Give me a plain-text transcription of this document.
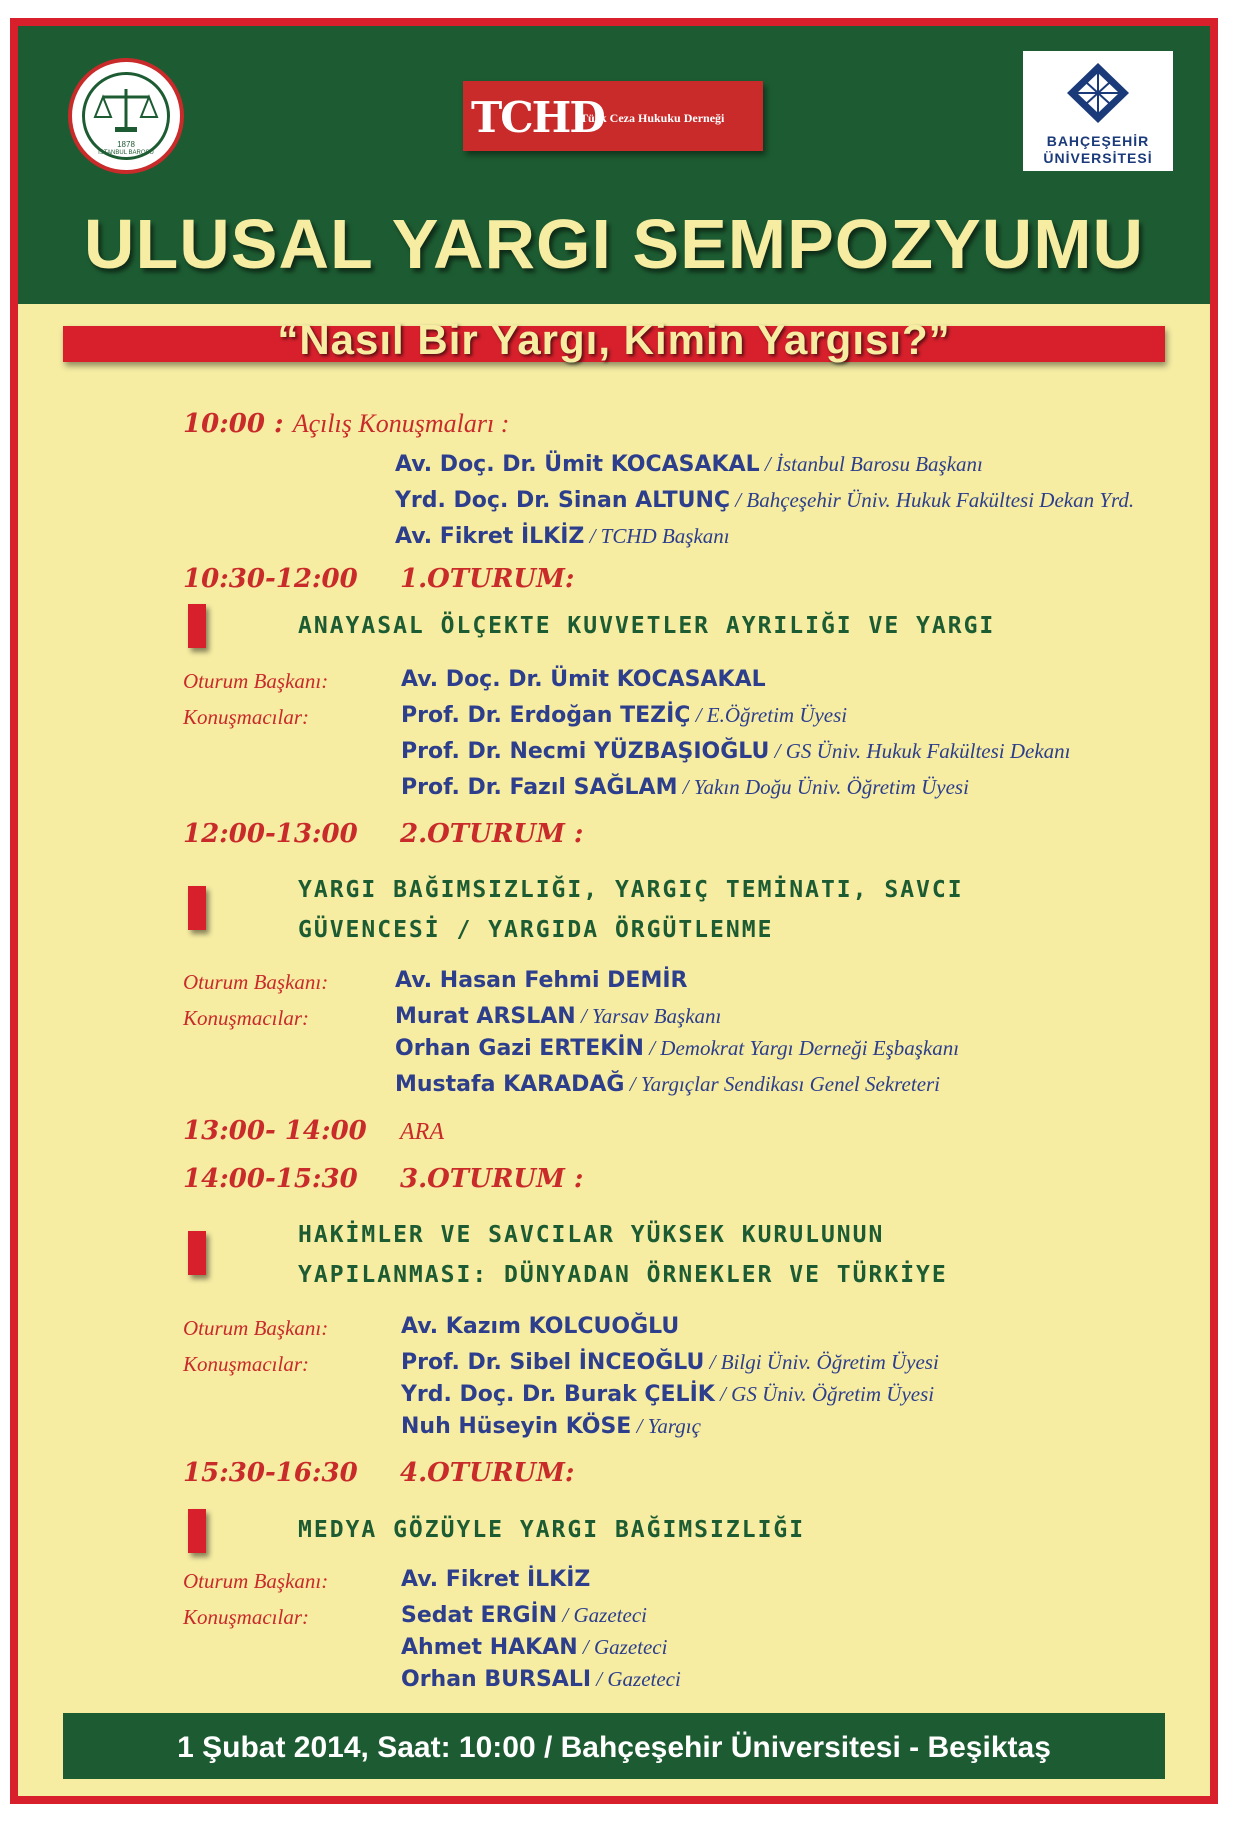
1878
İSTANBUL BAROSU
TCHD
Türk Ceza Hukuku Derneği
BAHÇEŞEHİR
ÜNİVERSİTESİ
ULUSAL YARGI SEMPOZYUMU
“Nasıl Bir Yargı, Kimin Yargısı?”
10:00 : Açılış Konuşmaları :
Av. Doç. Dr. Ümit KOCASAKAL / İstanbul Barosu Başkanı
Yrd. Doç. Dr. Sinan ALTUNÇ / Bahçeşehir Üniv. Hukuk Fakültesi Dekan Yrd.
Av. Fikret İLKİZ / TCHD Başkanı
10:30-12:00 1.OTURUM:
ANAYASAL ÖLÇEKTE KUVVETLER AYRILIĞI VE YARGI
Oturum Başkanı:	Av. Doç. Dr. Ümit KOCASAKAL
Konuşmacılar:	Prof. Dr. Erdoğan TEZİÇ / E.Öğretim Üyesi
Prof. Dr. Necmi YÜZBAŞIOĞLU / GS Üniv. Hukuk Fakültesi Dekanı
Prof. Dr. Fazıl SAĞLAM / Yakın Doğu Üniv. Öğretim Üyesi
12:00-13:00 2.OTURUM :
YARGI BAĞIMSIZLIĞI, YARGIÇ TEMİNATI, SAVCI
GÜVENCESİ / YARGIDA ÖRGÜTLENME
Oturum Başkanı:	Av. Hasan Fehmi DEMİR
Konuşmacılar:	Murat ARSLAN / Yarsav Başkanı
Orhan Gazi ERTEKİN / Demokrat Yargı Derneği Eşbaşkanı
Mustafa KARADAĞ / Yargıçlar Sendikası Genel Sekreteri
13:00- 14:00 ARA
14:00-15:30 3.OTURUM :
HAKİMLER VE SAVCILAR YÜKSEK KURULUNUN
YAPILANMASI: DÜNYADAN ÖRNEKLER VE TÜRKİYE
Oturum Başkanı:	Av. Kazım KOLCUOĞLU
Konuşmacılar:	Prof. Dr. Sibel İNCEOĞLU / Bilgi Üniv. Öğretim Üyesi
Yrd. Doç. Dr. Burak ÇELİK / GS Üniv. Öğretim Üyesi
Nuh Hüseyin KÖSE / Yargıç
15:30-16:30 4.OTURUM:
MEDYA GÖZÜYLE YARGI BAĞIMSIZLIĞI
Oturum Başkanı:	Av. Fikret İLKİZ
Konuşmacılar:	Sedat ERGİN / Gazeteci
Ahmet HAKAN / Gazeteci
Orhan BURSALI / Gazeteci
1 Şubat 2014, Saat: 10:00 / Bahçeşehir Üniversitesi - Beşiktaş
